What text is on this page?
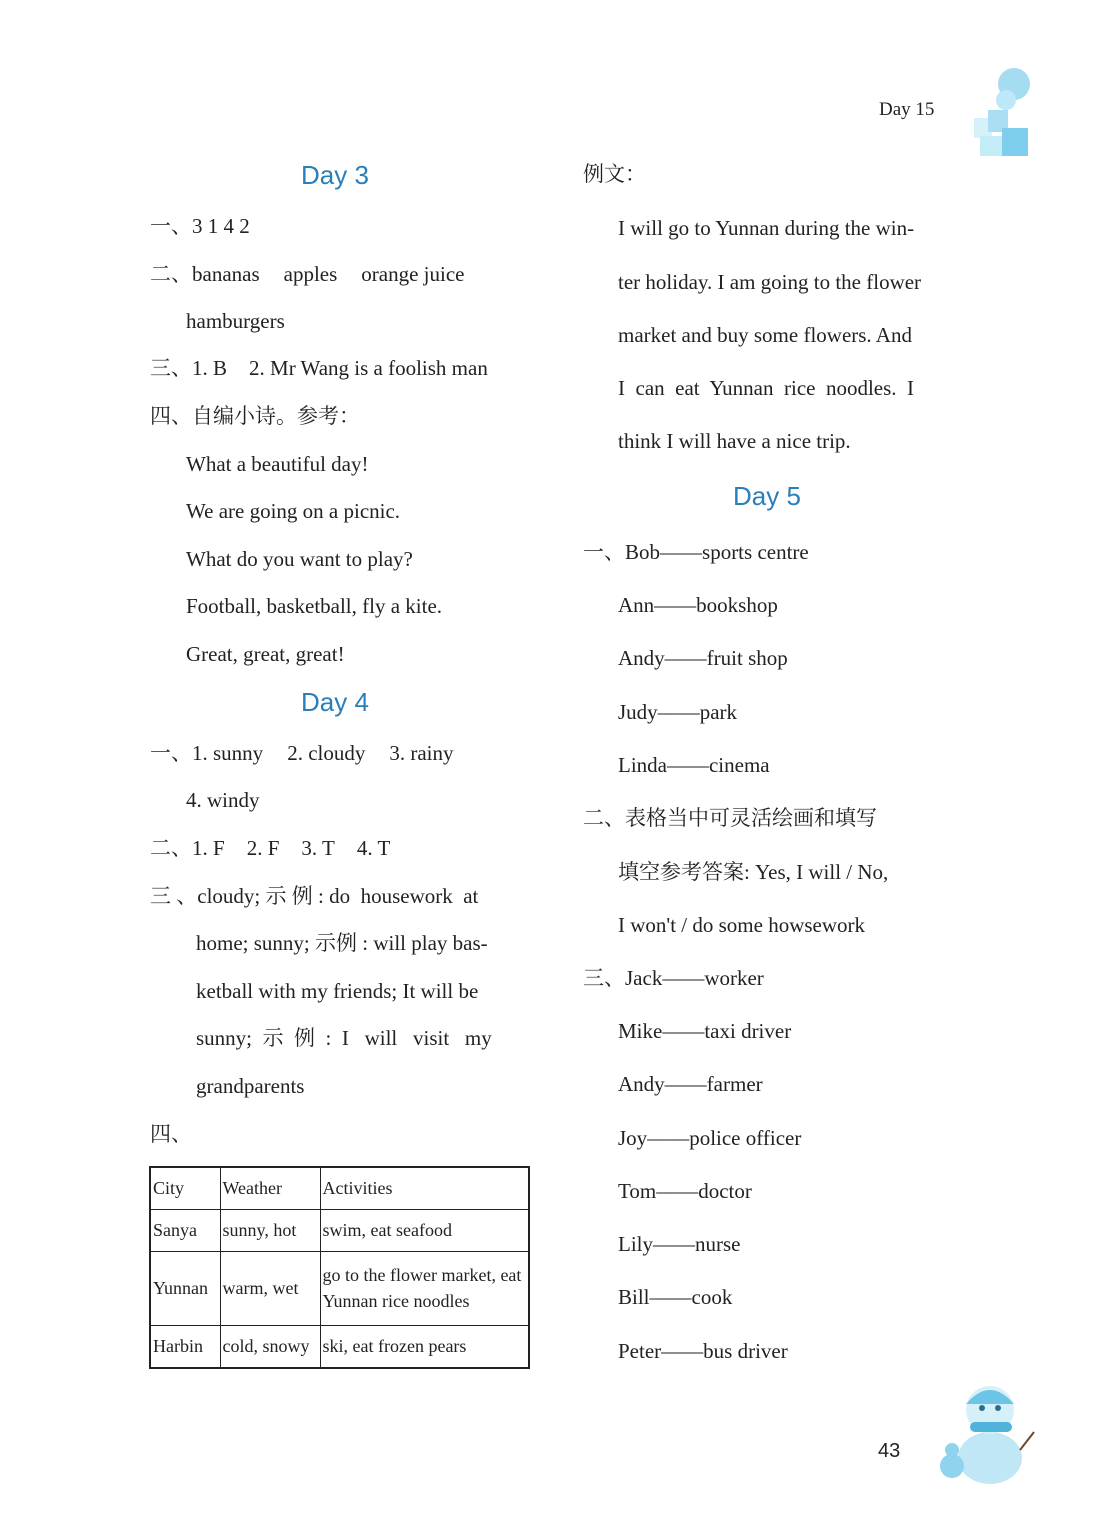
Day 15
Day 3
一、3 1 4 2
二、bananas apples orange juice
hamburgers
三、1. B 2. Mr Wang is a foolish man
四、自编小诗。参考：
What a beautiful day!
We are going on a picnic.
What do you want to play?
Football, basketball, fly a kite.
Great, great, great!
Day 4
一、1. sunny 2. cloudy 3. rainy
4. windy
二、1. F 2. F 3. T 4. T
三 、cloudy; 示 例 : do  housework  at
home; sunny; 示例 : will play bas-
ketball with my friends; It will be
sunny;  示  例  :  I   will   visit   my
grandparents
四、
City	Weather	Activities
Sanya	sunny, hot	swim, eat seafood
Yunnan	warm, wet	go to the flower market, eat Yunnan rice noodles
Harbin	cold, snowy	ski, eat frozen pears
例文：
I will go to Yunnan during the win-
ter holiday. I am going to the flower
market and buy some flowers. And
I  can  eat  Yunnan  rice  noodles.  I
think I will have a nice trip.
Day 5
一、Bob——sports centre
Ann——bookshop
Andy——fruit shop
Judy——park
Linda——cinema
二、表格当中可灵活绘画和填写
填空参考答案: Yes, I will / No,
I won't / do some howsework
三、Jack——worker
Mike——taxi driver
Andy——farmer
Joy——police officer
Tom——doctor
Lily——nurse
Bill——cook
Peter——bus driver
43
